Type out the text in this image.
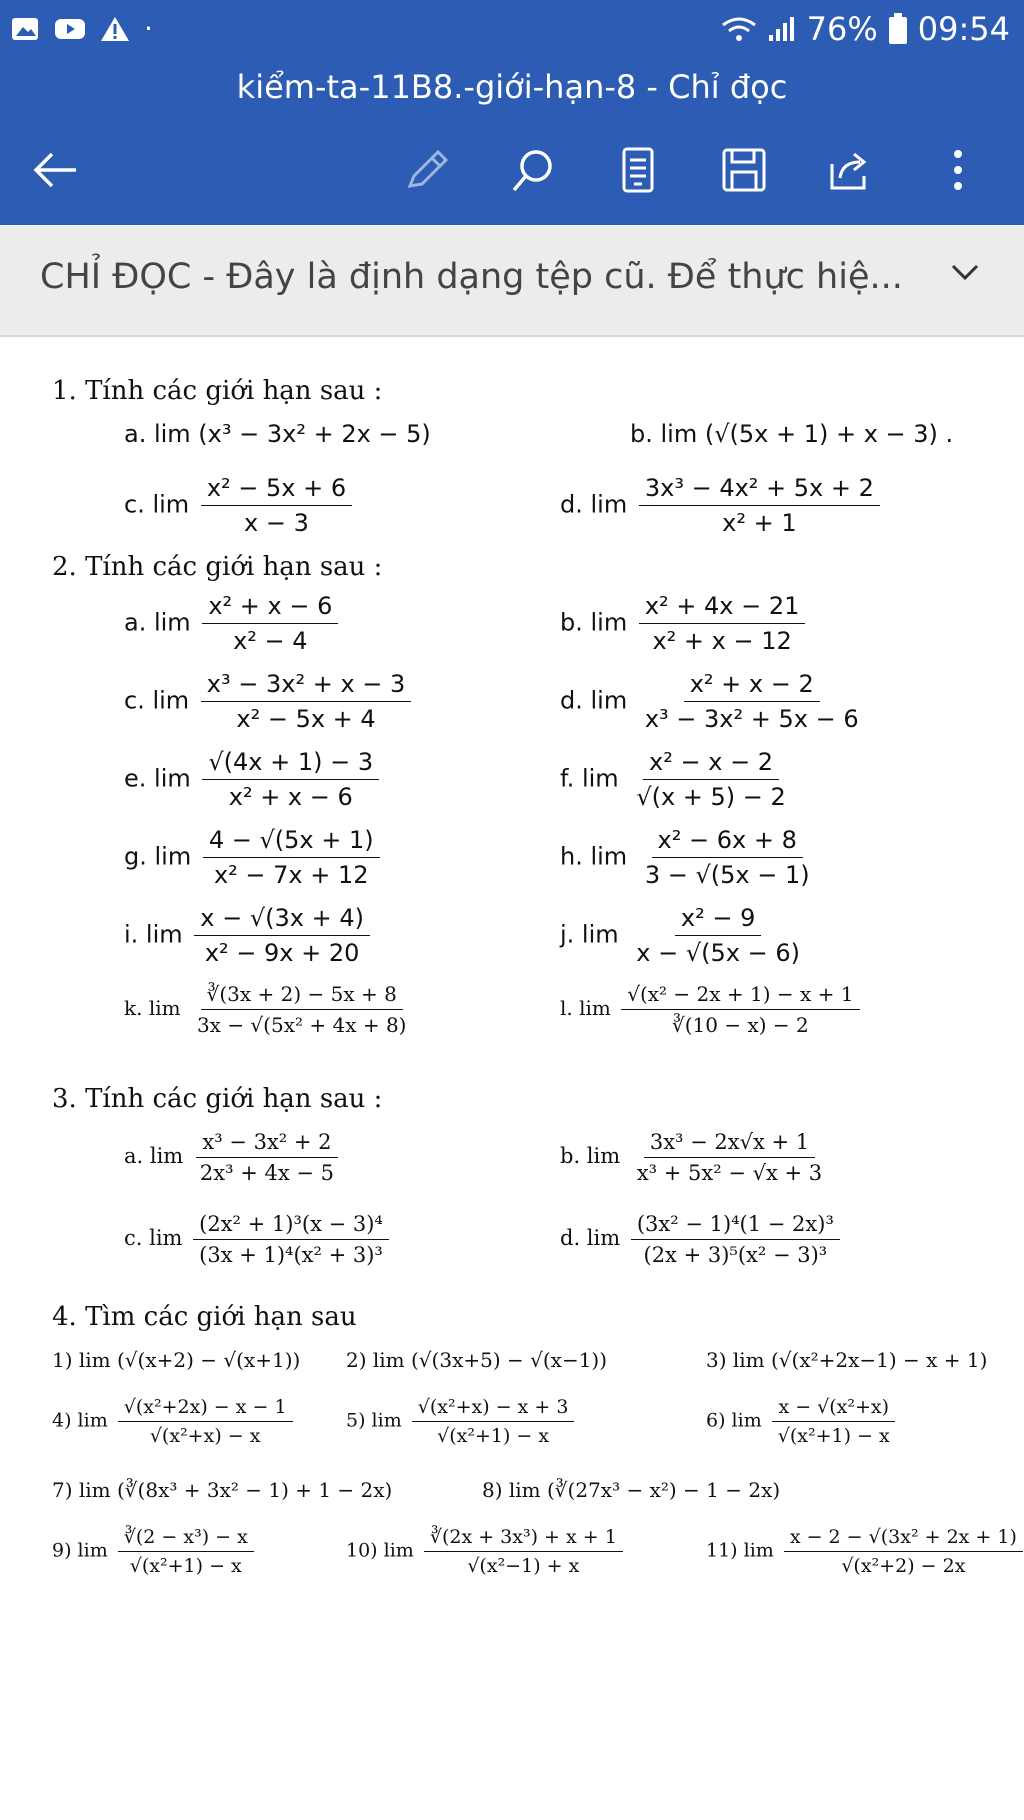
·	76% 09:54
kiểm-ta-11B8.-giới-hạn-8 - Chỉ đọc
CHỈ ĐỌC - Đây là định dạng tệp cũ. Để thực hiệ...
1. Tính các giới hạn sau :
a. lim (x³ − 3x² + 2x − 5)	b. lim (√(5x + 1) + x − 3) .
c. $\lim \frac{\text{x² − 5x + 6}}{x - 3}$	d. $\lim \frac{\text{3x³ − 4x² + 5x + 2}}{\text{x² + 1}}$
2. Tính các giới hạn sau :
a. $\lim \frac{\text{x² + x − 6}}{\text{x² − 4}}$	b. $\lim \frac{\text{x² + 4x − 21}}{\text{x² + x − 12}}$
c. $\lim \frac{\text{x³ − 3x² + x − 3}}{\text{x² − 5x + 4}}$	d. $\lim \frac{\text{x² + x − 2}}{\text{x³ − 3x² + 5x − 6}}$
e. $\lim \frac{√(4x + 1) - 3}{\text{x² + x − 6}}$	f. $\lim \frac{\text{x² − x − 2}}{√(x + 5) - 2}$
g. $\lim \frac{4 - √(5x + 1)}{\text{x² − 7x + 12}}$	h. $\lim \frac{\text{x² − 6x + 8}}{3 - √(5x - 1)}$
i. $\lim \frac{x - √(3x + 4)}{\text{x² − 9x + 20}}$	j. $\lim \frac{\text{x² − 9}}{x - √(5x - 6)}$
k. $\lim \frac{∛(3x + 2) - 5x + 8}{\text{3x − √(5x² + 4x + 8)}}$	l. $\lim \frac{\text{√(x² − 2x + 1) − x + 1}}{∛(10 - x) - 2}$
3. Tính các giới hạn sau :
a. $\lim \frac{\text{x³ − 3x² + 2}}{\text{2x³ + 4x − 5}}$	b. $\lim \frac{\text{3x³ − 2x√x + 1}}{\text{x³ + 5x² − √x + 3}}$
c. $\lim \frac{\text{(2x² + 1)³(x − 3)⁴}}{\text{(3x + 1)⁴(x² + 3)³}}$	d. $\lim \frac{\text{(3x² − 1)⁴(1 − 2x)³}}{\text{(2x + 3)⁵(x² − 3)³}}$
4. Tìm các giới hạn sau
1) lim (√(x+2) − √(x+1)) 2) lim (√(3x+5) − √(x−1))	3) lim (√(x²+2x−1) − x + 1)
4) $\lim \frac{\text{√(x²+2x) − x − 1}}{\text{√(x²+x) − x}}$	5) $\lim \frac{\text{√(x²+x) − x + 3}}{\text{√(x²+1) − x}}$	6) $\lim \frac{\text{x − √(x²+x)}}{\text{√(x²+1) − x}}$
7) lim (∛(8x³ + 3x² − 1) + 1 − 2x)	8) lim (∛(27x³ − x²) − 1 − 2x)
9) $\lim \frac{\text{∛(2 − x³) − x}}{\text{√(x²+1) − x}}$	10) $\lim \frac{\text{∛(2x + 3x³) + x + 1}}{\text{√(x²−1) + x}}$	11) $\lim \frac{\text{x − 2 − √(3x² + 2x + 1)}}{\text{√(x²+2) − 2x}}$
